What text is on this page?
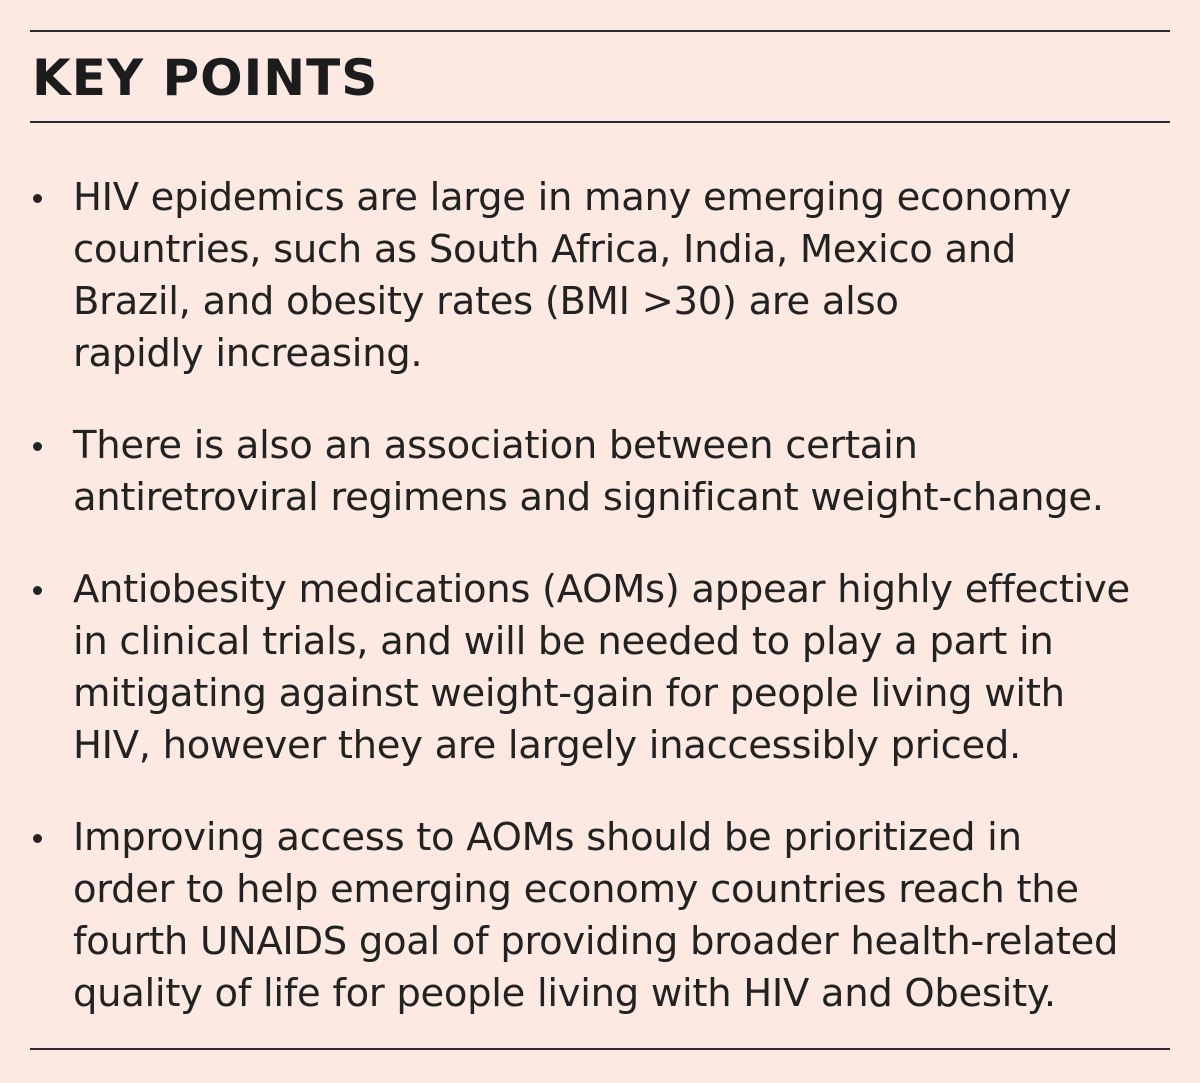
KEY POINTS
HIV epidemics are large in many emerging economy
countries, such as South Africa, India, Mexico and
Brazil, and obesity rates (BMI >30) are also
rapidly increasing.
There is also an association between certain
antiretroviral regimens and significant weight-change.
Antiobesity medications (AOMs) appear highly effective
in clinical trials, and will be needed to play a part in
mitigating against weight-gain for people living with
HIV, however they are largely inaccessibly priced.
Improving access to AOMs should be prioritized in
order to help emerging economy countries reach the
fourth UNAIDS goal of providing broader health-related
quality of life for people living with HIV and Obesity.
